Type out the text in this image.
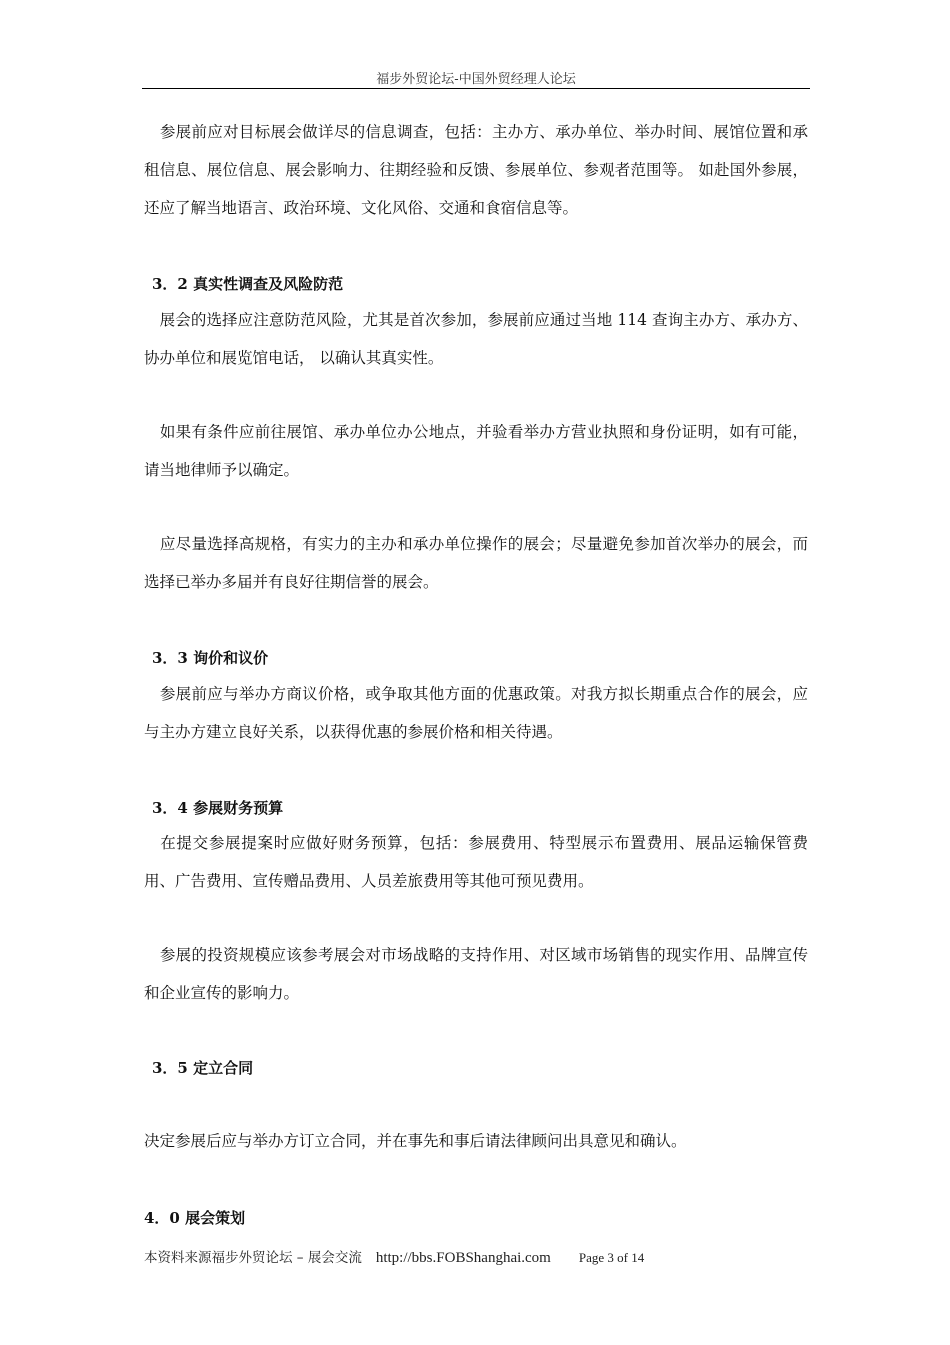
福步外贸论坛-中国外贸经理人论坛

　参展前应对目标展会做详尽的信息调查，包括：主办方、承办单位、举办时间、展馆位置和承租信息、展位信息、展会影响力、往期经验和反馈、参展单位、参观者范围等。 如赴国外参展，还应了解当地语言、政治环境、文化风俗、交通和食宿信息等。

3．2 真实性调查及风险防范

　展会的选择应注意防范风险，尤其是首次参加，参展前应通过当地 114 查询主办方、承办方、协办单位和展览馆电话， 以确认其真实性。

　如果有条件应前往展馆、承办单位办公地点，并验看举办方营业执照和身份证明，如有可能，请当地律师予以确定。

　应尽量选择高规格，有实力的主办和承办单位操作的展会；尽量避免参加首次举办的展会，而选择已举办多届并有良好往期信誉的展会。

3．3 询价和议价

　参展前应与举办方商议价格，或争取其他方面的优惠政策。对我方拟长期重点合作的展会，应与主办方建立良好关系，以获得优惠的参展价格和相关待遇。

3．4 参展财务预算

　在提交参展提案时应做好财务预算，包括：参展费用、特型展示布置费用、展品运输保管费用、广告费用、宣传赠品费用、人员差旅费用等其他可预见费用。

　参展的投资规模应该参考展会对市场战略的支持作用、对区域市场销售的现实作用、品牌宣传和企业宣传的影响力。

3．5 定立合同

决定参展后应与举办方订立合同，并在事先和事后请法律顾问出具意见和确认。

4．0 展会策划

本资料来源福步外贸论坛 – 展会交流 http://bbs.FOBShanghai.com Page 3 of 14
